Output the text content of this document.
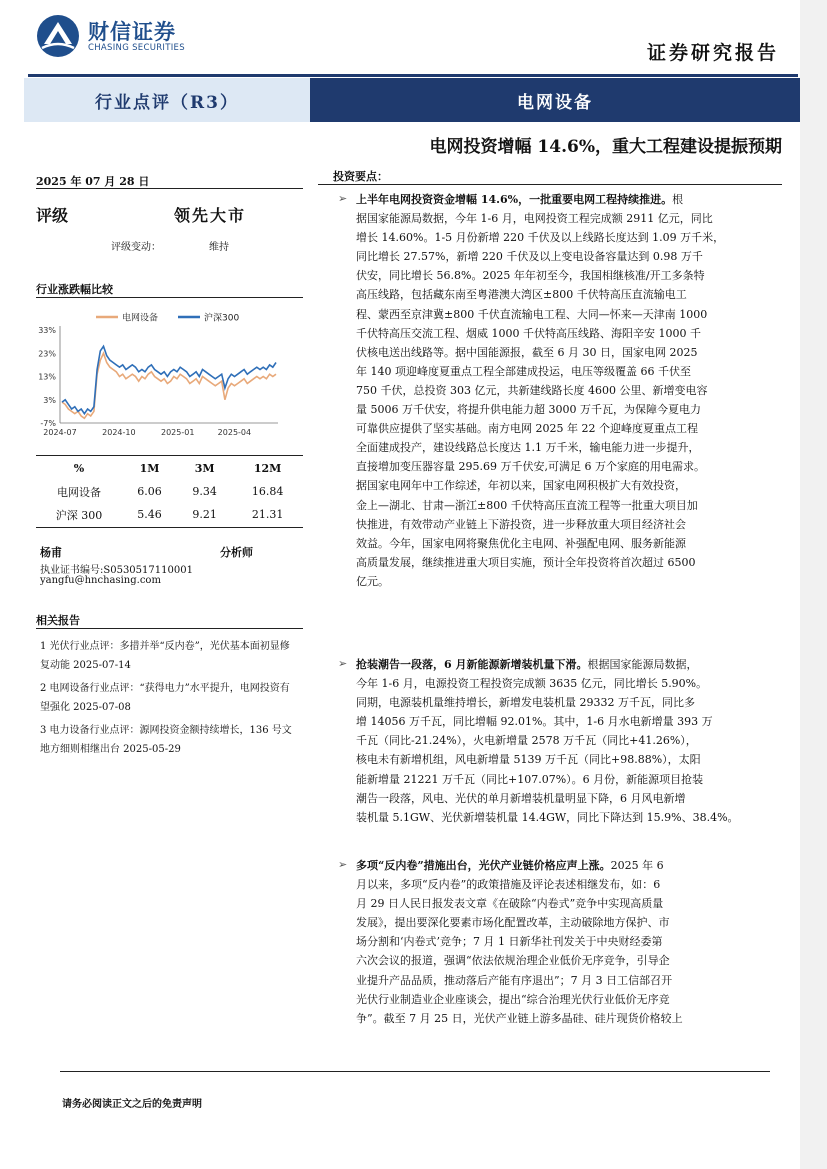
财信证券
CHASING SECURITIES	证券研究报告
行业点评（R3）	电网设备
电网投资增幅 14.6%，重大工程建设提振预期
2025 年 07 月 28 日
评级	领先大市
评级变动：	维持
行业涨跌幅比较
电网设备	沪深300
33%
23%
13%
3%
-7%
2024-07	2024-10	2025-01	2025-04
%	1M	3M	12M
电网设备	6.06	9.34	16.84
沪深 300	5.46	9.21	21.31
杨甫	分析师
执业证书编号:S0530517110001
yangfu@hnchasing.com
相关报告
1 光伏行业点评：多措并举“反内卷”，光伏基本面初显修复动能 2025-07-14
2 电网设备行业点评：“获得电力”水平提升，电网投资有望强化 2025-07-08
3 电力设备行业点评：源网投资金额持续增长，136 号文地方细则相继出台 2025-05-29
投资要点：
➢ 上半年电网投资资金增幅 14.6%，一批重要电网工程持续推进。根
据国家能源局数据，今年 1-6 月，电网投资工程完成额 2911 亿元，同比
增长 14.60%。1-5 月份新增 220 千伏及以上线路长度达到 1.09 万千米，
同比增长 27.57%，新增 220 千伏及以上变电设备容量达到 0.98 万千
伏安，同比增长 56.8%。2025 年年初至今，我国相继核准/开工多条特
高压线路，包括藏东南至粤港澳大湾区±800 千伏特高压直流输电工
程、蒙西至京津冀±800 千伏直流输电工程、大同—怀来—天津南 1000
千伏特高压交流工程、烟威 1000 千伏特高压线路、海阳辛安 1000 千
伏核电送出线路等。据中国能源报，截至 6 月 30 日，国家电网 2025
年 140 项迎峰度夏重点工程全部建成投运，电压等级覆盖 66 千伏至
750 千伏，总投资 303 亿元，共新建线路长度 4600 公里、新增变电容
量 5006 万千伏安，将提升供电能力超 3000 万千瓦，为保障今夏电力
可靠供应提供了坚实基础。南方电网 2025 年 22 个迎峰度夏重点工程
全面建成投产，建设线路总长度达 1.1 万千米，输电能力进一步提升，
直接增加变压器容量 295.69 万千伏安,可满足 6 万个家庭的用电需求。
据国家电网年中工作综述，年初以来，国家电网积极扩大有效投资，
金上—湖北、甘肃—浙江±800 千伏特高压直流工程等一批重大项目加
快推进，有效带动产业链上下游投资，进一步释放重大项目经济社会
效益。今年，国家电网将聚焦优化主电网、补强配电网、服务新能源
高质量发展，继续推进重大项目实施，预计全年投资将首次超过 6500
亿元。
➢ 抢装潮告一段落，6 月新能源新增装机量下滑。根据国家能源局数据，
今年 1-6 月，电源投资工程投资完成额 3635 亿元，同比增长 5.90%。
同期，电源装机量维持增长，新增发电装机量 29332 万千瓦，同比多
增 14056 万千瓦，同比增幅 92.01%。其中，1-6 月水电新增量 393 万
千瓦（同比-21.24%），火电新增量 2578 万千瓦（同比+41.26%），
核电未有新增机组，风电新增量 5139 万千瓦（同比+98.88%），太阳
能新增量 21221 万千瓦（同比+107.07%）。6 月份，新能源项目抢装
潮告一段落，风电、光伏的单月新增装机量明显下降，6 月风电新增
装机量 5.1GW、光伏新增装机量 14.4GW，同比下降达到 15.9%、38.4%。
➢ 多项“反内卷”措施出台，光伏产业链价格应声上涨。2025 年 6
月以来，多项“反内卷”的政策措施及评论表述相继发布，如：6
月 29 日人民日报发表文章《在破除“内卷式”竞争中实现高质量
发展》，提出要深化要素市场化配置改革，主动破除地方保护、市
场分割和‘内卷式’竞争；7 月 1 日新华社刊发关于中央财经委第
六次会议的报道，强调“依法依规治理企业低价无序竞争，引导企
业提升产品品质，推动落后产能有序退出”；7 月 3 日工信部召开
光伏行业制造业企业座谈会，提出“综合治理光伏行业低价无序竞
争”。截至 7 月 25 日，光伏产业链上游多晶硅、硅片现货价格较上
请务必阅读正文之后的免责声明
